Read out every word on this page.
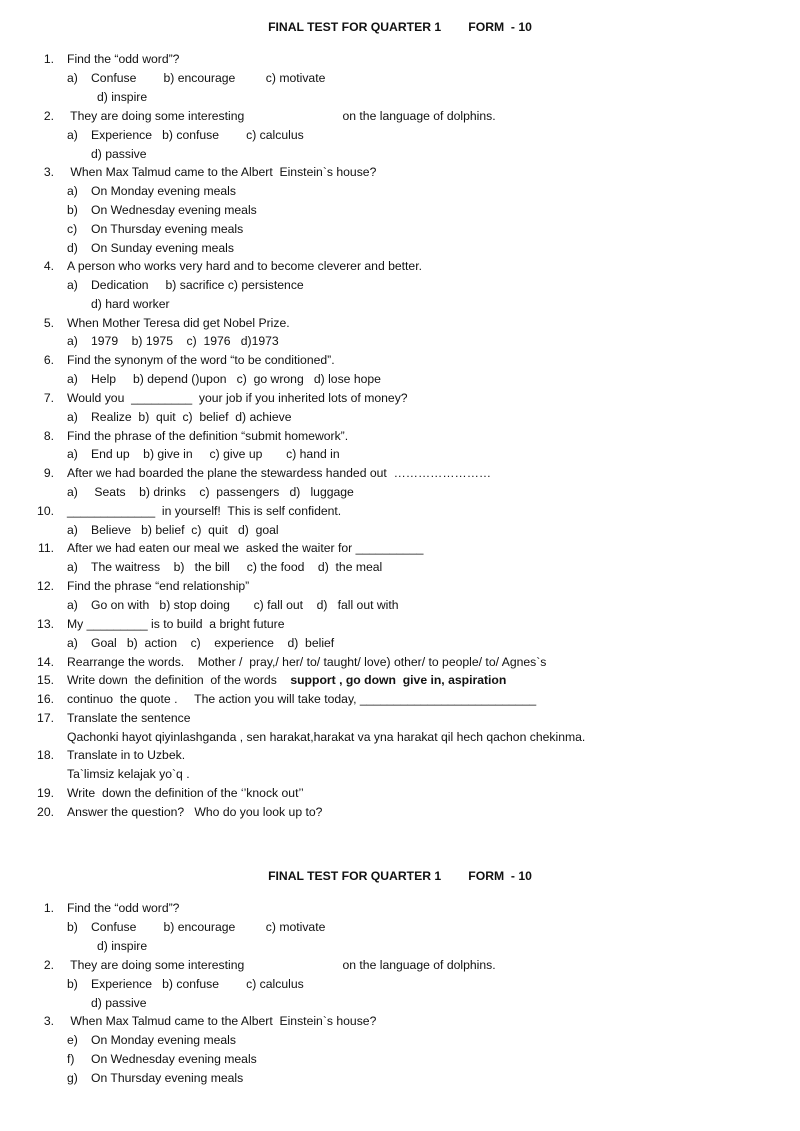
FINAL TEST FOR QUARTER 1        FORM  - 10
1. Find the “odd word”?
a) Confuse        b) encourage         c) motivate
d) inspire
2. They are doing some interesting                             on the language of dolphins.
a) Experience   b) confuse        c) calculus
d) passive
3. When Max Talmud came to the Albert  Einstein`s house?
a) On Monday evening meals
b) On Wednesday evening meals
c) On Thursday evening meals
d) On Sunday evening meals
4. A person who works very hard and to become cleverer and better.
a) Dedication     b) sacrifice c) persistence
d) hard worker
5. When Mother Teresa did get Nobel Prize.
a) 1979    b) 1975    c)  1976   d)1973
6. Find the synonym of the word “to be conditioned”.
a) Help     b) depend ()upon   c)  go wrong   d) lose hope
7. Would you  _________  your job if you inherited lots of money?
a) Realize  b)  quit  c)  belief  d) achieve
8. Find the phrase of the definition “submit homework”.
a) End up    b) give in     c) give up       c) hand in
9. After we had boarded the plane the stewardess handed out  ……………………
a) Seats    b) drinks    c)  passengers   d)   luggage
10. _____________  in yourself!  This is self confident.
a) Believe   b) belief  c)  quit   d)  goal
11. After we had eaten our meal we  asked the waiter for __________
a) The waitress    b)   the bill     c) the food    d)  the meal
12. Find the phrase “end relationship”
a) Go on with   b) stop doing       c) fall out    d)   fall out with
13. My _________ is to build  a bright future
a) Goal   b)  action    c)    experience    d)  belief
14. Rearrange the words.    Mother /  pray,/ her/ to/ taught/ love) other/ to people/ to/ Agnes`s
15. Write down  the definition  of the words    support , go down  give in, aspiration
16. continuo  the quote .     The action you will take today, __________________________
17. Translate the sentence
Qachonki hayot qiyinlashganda , sen harakat,harakat va yna harakat qil hech qachon chekinma.
18. Translate in to Uzbek.
Ta`limsiz kelajak yo`q .
19. Write  down the definition of the ‘’knock out’’
20. Answer the question?   Who do you look up to?
FINAL TEST FOR QUARTER 1        FORM  - 10
1. Find the “odd word”?
b) Confuse        b) encourage         c) motivate
d) inspire
2. They are doing some interesting                             on the language of dolphins.
b) Experience   b) confuse        c) calculus
d) passive
3. When Max Talmud came to the Albert  Einstein`s house?
e) On Monday evening meals
f) On Wednesday evening meals
g) On Thursday evening meals
